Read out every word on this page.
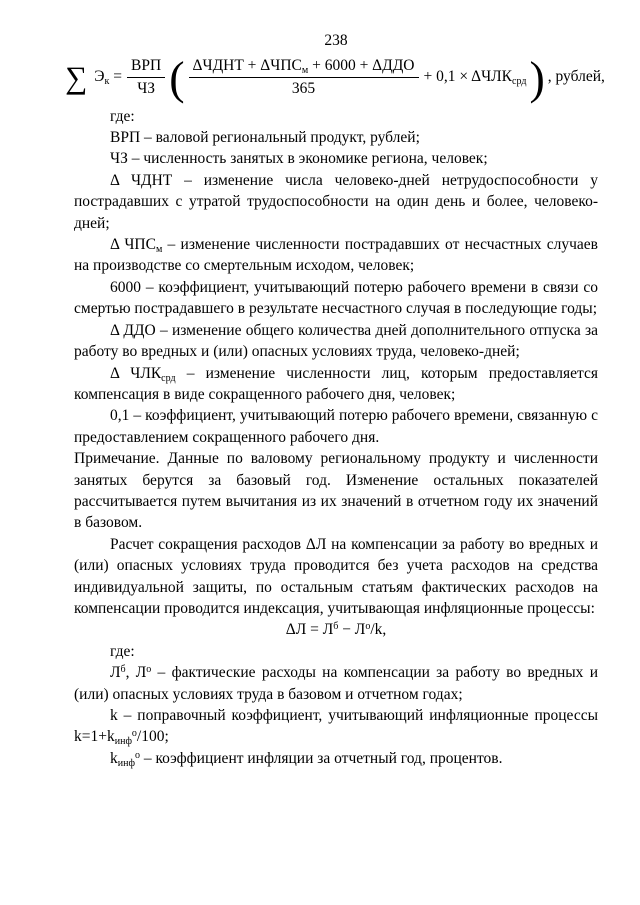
238
∑ $Э_к = \frac{\text{ВРП}}{ЧЗ}$ ( $\frac{\Delta ЧДНТ + \Delta ЧПС_м + 6000 + \Delta ДДО}{365} + 0,1 \times \Delta ЧЛК_{срд}$ ) , рублей,

где:

ВРП – валовой региональный продукт, рублей;

ЧЗ – численность занятых в экономике региона, человек;

Δ ЧДНТ – изменение числа человеко-дней нетрудоспособности у пострадавших с утратой трудоспособности на один день и более, человеко-дней;

Δ $ЧПС_м$ – изменение численности пострадавших от несчастных случаев на производстве со смертельным исходом, человек;

6000 – коэффициент, учитывающий потерю рабочего времени в связи со смертью пострадавшего в результате несчастного случая в последующие годы;

Δ ДДО – изменение общего количества дней дополнительного отпуска за работу во вредных и (или) опасных условиях труда, человеко-дней;

Δ $ЧЛК_{срд}$ – изменение численности лиц, которым предоставляется компенсация в виде сокращенного рабочего дня, человек;

0,1 – коэффициент, учитывающий потерю рабочего времени, связанную с предоставлением сокращенного рабочего дня.

Примечание. Данные по валовому региональному продукту и численности занятых берутся за базовый год. Изменение остальных показателей рассчитывается путем вычитания из их значений в отчетном году их значений в базовом.

Расчет сокращения расходов ΔЛ на компенсации за работу во вредных и (или) опасных условиях труда проводится без учета расходов на средства индивидуальной защиты, по остальным статьям фактических расходов на компенсации проводится индексация, учитывающая инфляционные процессы:

$\Delta Л = Л^б - Л^о/k$,

где:

$Л^б$, $Л^о$ – фактические расходы на компенсации за работу во вредных и (или) опасных условиях труда в базовом и отчетном годах;

k – поправочный коэффициент, учитывающий инфляционные процессы $k=1+k_{инф}^о/100$;

$k_{инф}^о$ – коэффициент инфляции за отчетный год, процентов.
